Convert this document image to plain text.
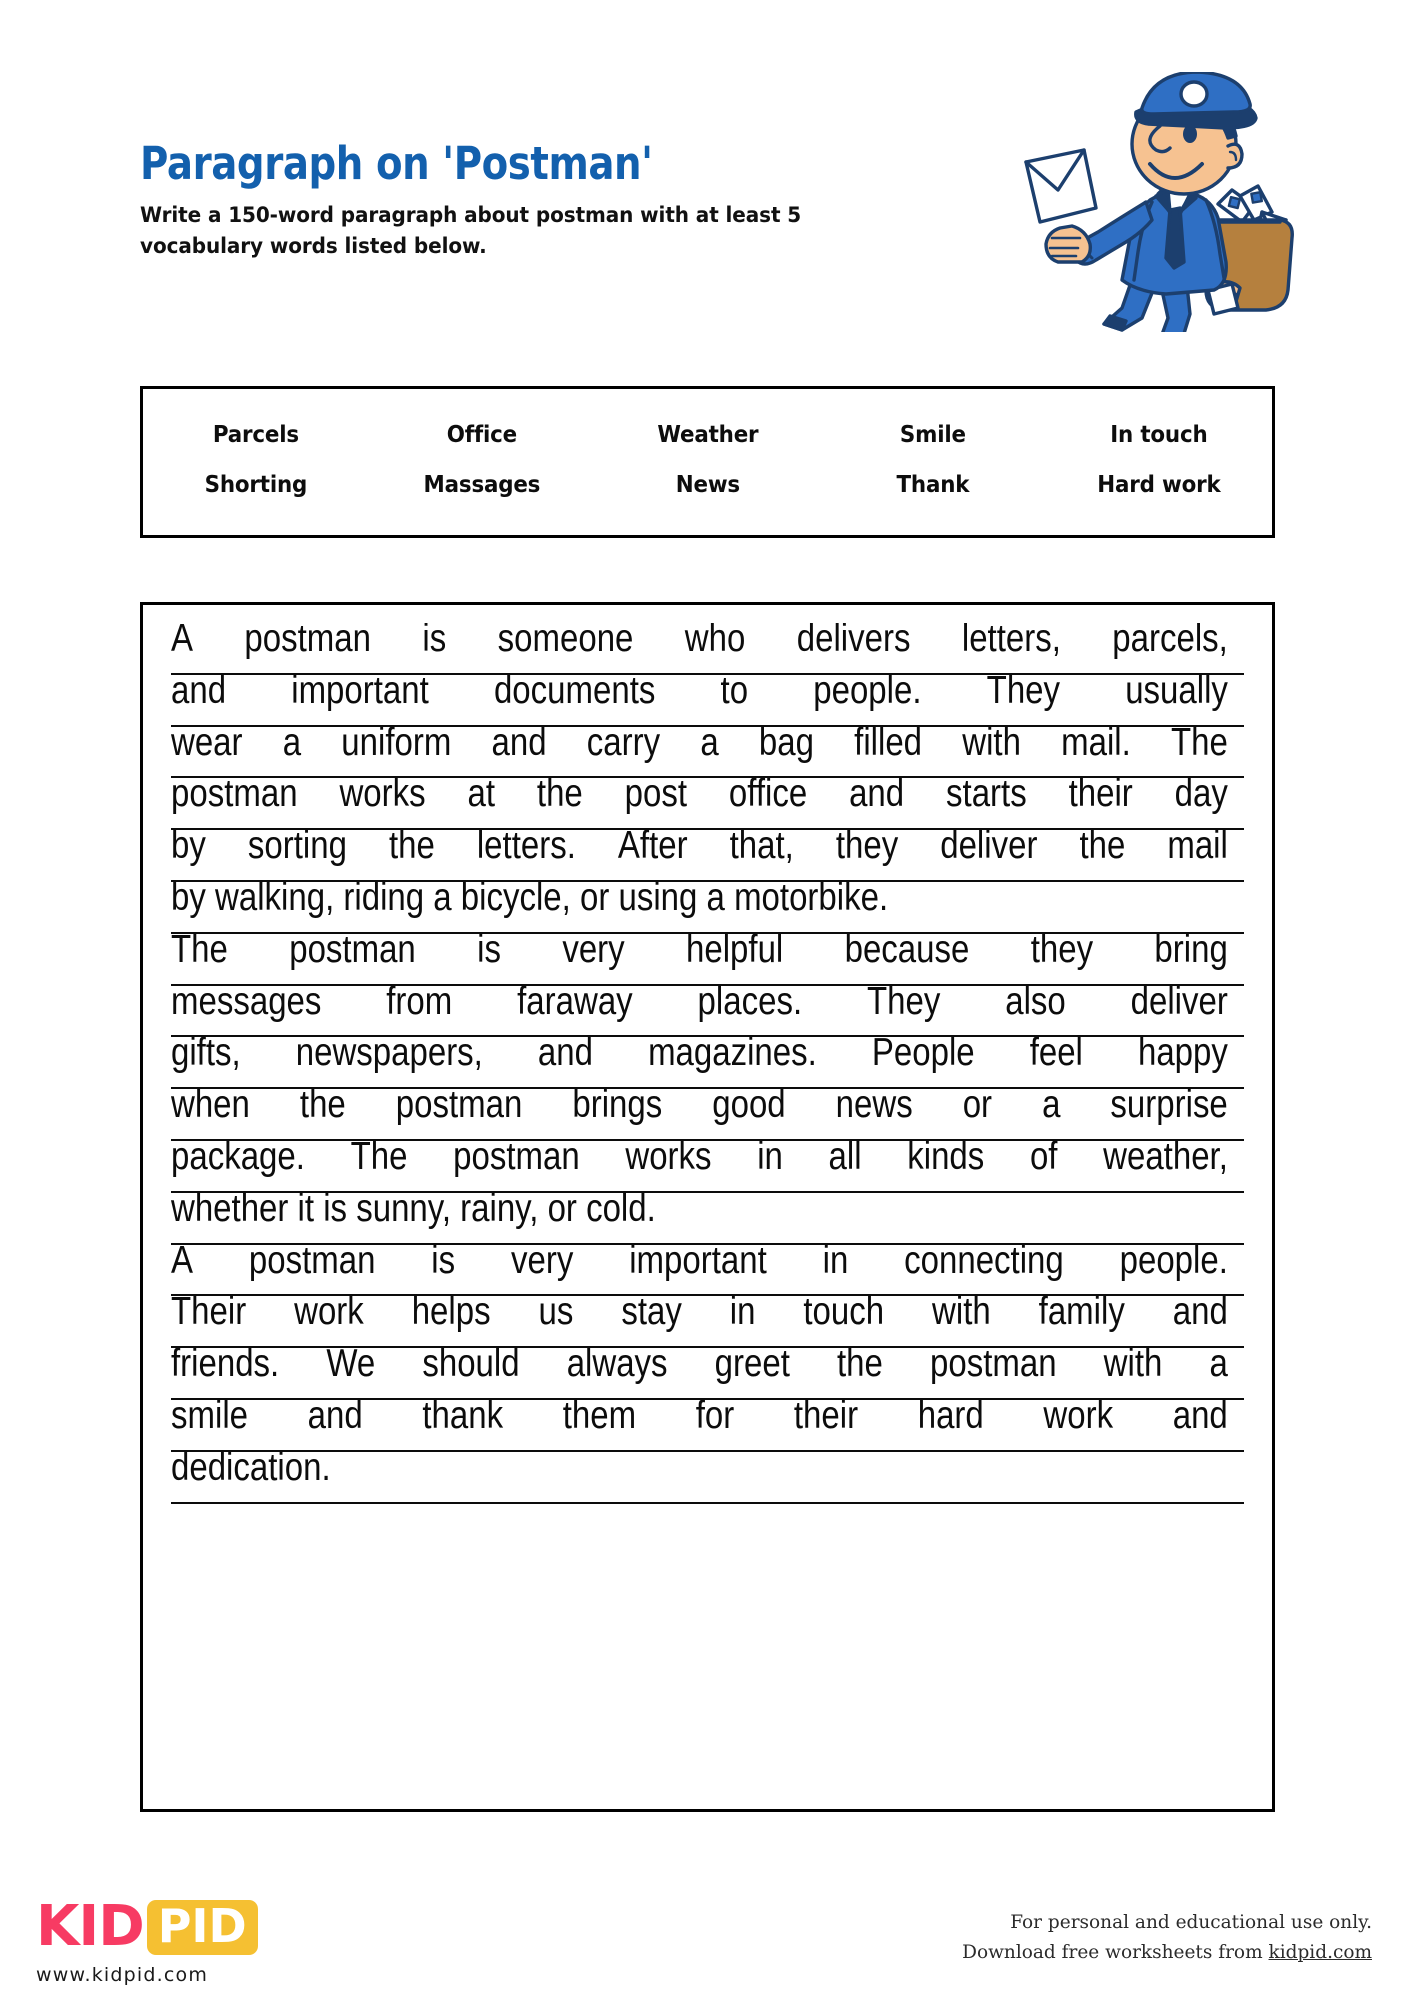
Paragraph on 'Postman'
Write a 150-word paragraph about postman with at least 5 vocabulary words listed below.
Parcels	Office	Weather	Smile	In touch
Shorting	Massages	News	Thank	Hard work
A postman is someone who delivers letters, parcels,
and important documents to people. They usually
wear a uniform and carry a bag filled with mail. The
postman works at the post office and starts their day
by sorting the letters. After that, they deliver the mail
by walking, riding a bicycle, or using a motorbike.
The postman is very helpful because they bring
messages from faraway places. They also deliver
gifts, newspapers, and magazines. People feel happy
when the postman brings good news or a surprise
package. The postman works in all kinds of weather,
whether it is sunny, rainy, or cold.
A postman is very important in connecting people.
Their work helps us stay in touch with family and
friends. We should always greet the postman with a
smile and thank them for their hard work and
dedication.
KID PID
www.kidpid.com
For personal and educational use only.
Download free worksheets from kidpid.com
